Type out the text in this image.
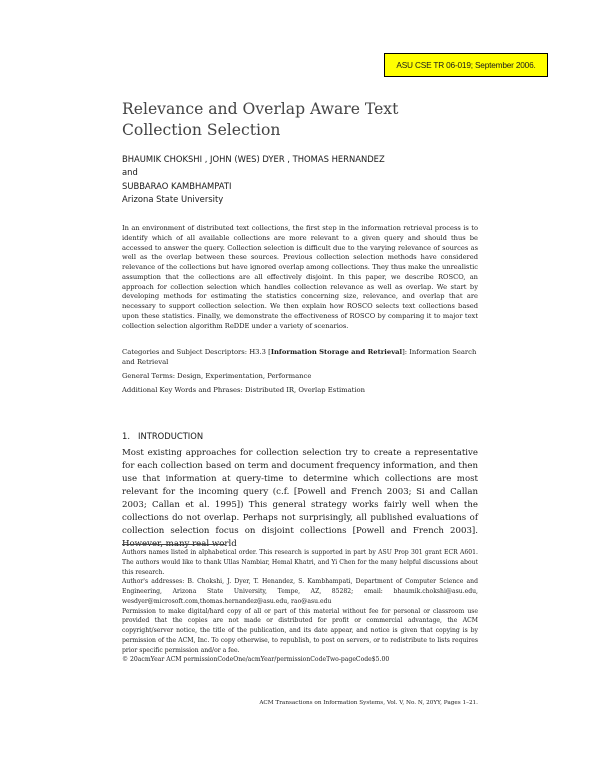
ASU CSE TR 06-019; September 2006.
Relevance and Overlap Aware Text Collection Selection
BHAUMIK CHOKSHI , JOHN (WES) DYER , THOMAS HERNANDEZ
and
SUBBARAO KAMBHAMPATI
Arizona State University

In an environment of distributed text collections, the first step in the information retrieval process is to identify which of all available collections are more relevant to a given query and should thus be accessed to answer the query. Collection selection is difficult due to the varying relevance of sources as well as the overlap between these sources. Previous collection selection methods have considered relevance of the collections but have ignored overlap among collections. They thus make the unrealistic assumption that the collections are all effectively disjoint. In this paper, we describe ROSCO, an approach for collection selection which handles collection relevance as well as overlap. We start by developing methods for estimating the statistics concerning size, relevance, and overlap that are necessary to support collection selection. We then explain how ROSCO selects text collections based upon these statistics. Finally, we demonstrate the effectiveness of ROSCO by comparing it to major text collection selection algorithm ReDDE under a variety of scenarios.

Categories and Subject Descriptors: H3.3 [Information Storage and Retrieval]: Information Search and Retrieval

General Terms: Design, Experimentation, Performance

Additional Key Words and Phrases: Distributed IR, Overlap Estimation

1. INTRODUCTION

Most existing approaches for collection selection try to create a representative for each collection based on term and document frequency information, and then use that information at query-time to determine which collections are most relevant for the incoming query (c.f. [Powell and French 2003; Si and Callan 2003; Callan et al. 1995]) This general strategy works fairly well when the collections do not overlap. Perhaps not surprisingly, all published evaluations of collection selection focus on disjoint collections [Powell and French 2003]. However, many real world

Authors names listed in alphabetical order. This research is supported in part by ASU Prop 301 grant ECR A601. The authors would like to thank Ullas Nambiar, Hemal Khatri, and Yi Chen for the many helpful discussions about this research.

Author's addresses: B. Chokshi, J. Dyer, T. Henandez, S. Kambhampati, Department of Computer Science and Engineering, Arizona State University, Tempe, AZ, 85282; email: bhaumik.chokshi@asu.edu, wesdyer@microsoft.com,thomas.hernandez@asu.edu, rao@asu.edu

Permission to make digital/hard copy of all or part of this material without fee for personal or classroom use provided that the copies are not made or distributed for profit or commercial advantage, the ACM copyright/server notice, the title of the publication, and its date appear, and notice is given that copying is by permission of the ACM, Inc. To copy otherwise, to republish, to post on servers, or to redistribute to lists requires prior specific permission and/or a fee.

© 20acmYear ACM permissionCodeOne/acmYear/permissionCodeTwo-pageCode$5.00

ACM Transactions on Information Systems, Vol. V, No. N, 20YY, Pages 1–21.
